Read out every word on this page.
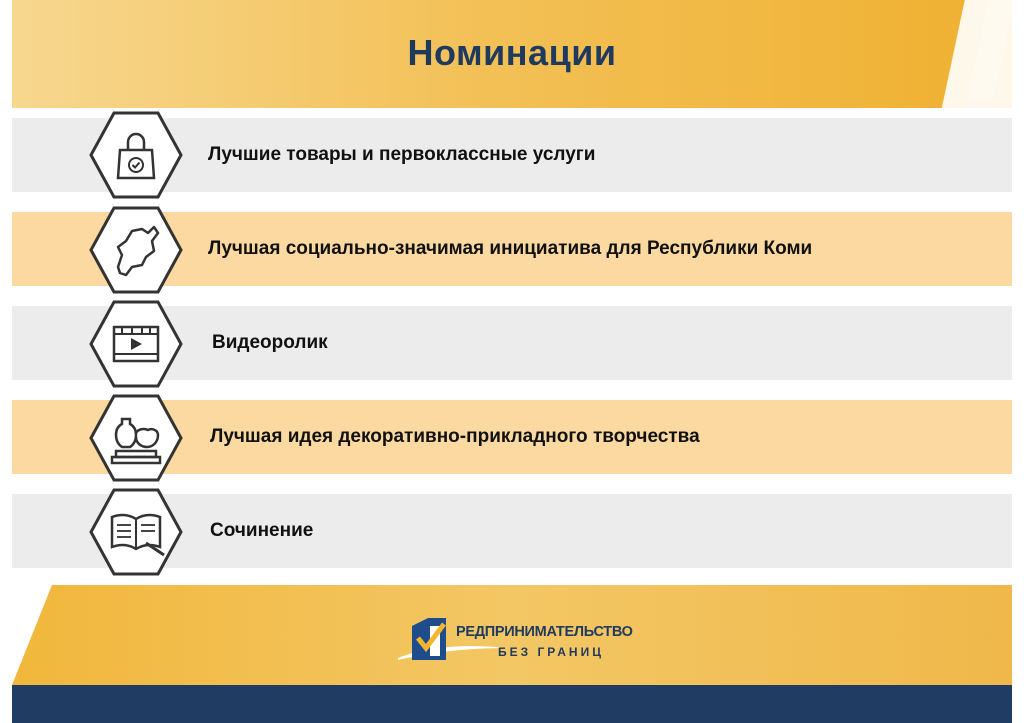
Номинации
Лучшие товары и первоклассные услуги
Лучшая социально-значимая инициатива для Республики Коми
Видеоролик
Лучшая идея декоративно-прикладного творчества
Сочинение
РЕДПРИНИМАТЕЛЬСТВО
БЕЗ ГРАНИЦ
